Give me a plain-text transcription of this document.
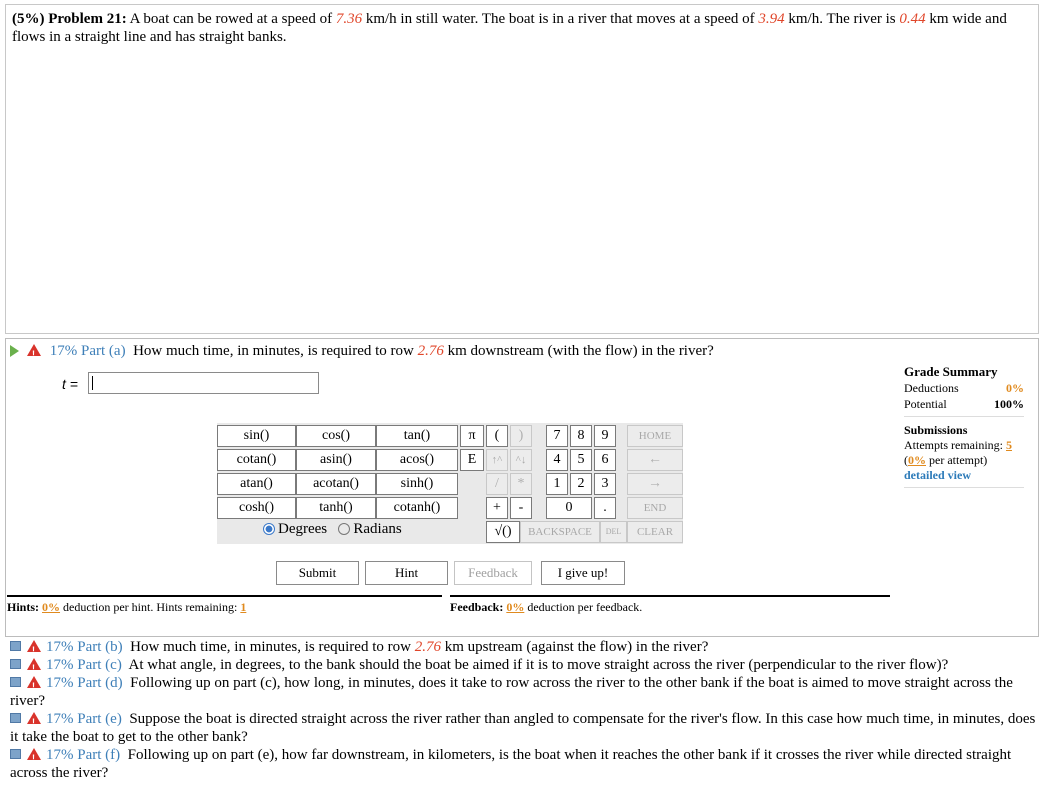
(5%) Problem 21: A boat can be rowed at a speed of 7.36 km/h in still water. The boat is in a river that moves at a speed of 3.94 km/h. The river is 0.44 km wide and flows in a straight line and has straight banks.
! 17% Part (a) How much time, in minutes, is required to row 2.76 km downstream (with the flow) in the river?
t =
Grade Summary
Deductions	0%
Potential	100%
Submissions
Attempts remaining: 5
(0% per attempt)
detailed view
sin()	cos()	tan()
cotan()	asin()	acos()
atan()	acotan()	sinh()
cosh()	tanh()	cotanh()
Degrees Radians
π	(	)	7	8	9	HOME
E	↑^	^↓	4	5	6	←
/	*	1	2	3	→
+	-	0	.	END
√()	BACKSPACE	DEL	CLEAR
Submit	Hint	Feedback	I give up!
Hints: 0% deduction per hint. Hints remaining: 1	Feedback: 0% deduction per feedback.

!17% Part (b) How much time, in minutes, is required to row 2.76 km upstream (against the flow) in the river?

!17% Part (c) At what angle, in degrees, to the bank should the boat be aimed if it is to move straight across the river (perpendicular to the river flow)?

!17% Part (d) Following up on part (c), how long, in minutes, does it take to row across the river to the other bank if the boat is aimed to move straight across the river?

!17% Part (e) Suppose the boat is directed straight across the river rather than angled to compensate for the river's flow. In this case how much time, in minutes, does it take the boat to get to the other bank?

!17% Part (f) Following up on part (e), how far downstream, in kilometers, is the boat when it reaches the other bank if it crosses the river while directed straight across the river?
